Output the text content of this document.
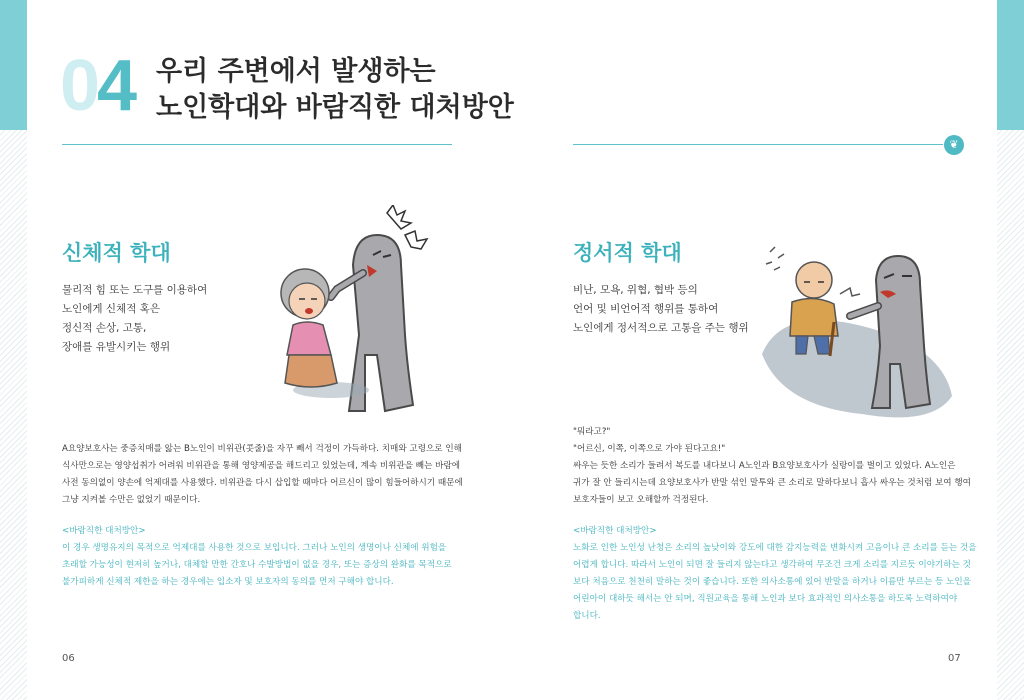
04 우리 주변에서 발생하는
노인학대와 바람직한 대처방안
❦
신체적 학대
물리적 힘 또는 도구를 이용하여
노인에게 신체적 혹은
정신적 손상, 고통,
장애를 유발시키는 행위
A요양보호사는 중증치매를 앓는 B노인이 비위관(콧줄)을 자꾸 빼서 걱정이 가득하다. 치매와 고령으로 인해
식사만으로는 영양섭취가 어려워 비위관을 통해 영양제공을 해드리고 있었는데, 계속 비위관을 빼는 바람에
사전 동의없이 양손에 억제대를 사용했다. 비위관을 다시 삽입할 때마다 어르신이 많이 힘들어하시기 때문에
그냥 지켜볼 수만은 없었기 때문이다.
<바람직한 대처방안>
이 경우 생명유지의 목적으로 억제대를 사용한 것으로 보입니다. 그러나 노인의 생명이나 신체에 위험을
초래할 가능성이 현저히 높거나, 대체할 만한 간호나 수발방법이 없을 경우, 또는 증상의 완화를 목적으로
불가피하게 신체적 제한을 하는 경우에는 입소자 및 보호자의 동의를 먼저 구해야 합니다.
06
정서적 학대
비난, 모욕, 위협, 협박 등의
언어 및 비언어적 행위를 통하여
노인에게 정서적으로 고통을 주는 행위
"뭐라고?"
"어르신, 이쪽, 이쪽으로 가야 된다고요!"
싸우는 듯한 소리가 들려서 복도를 내다보니 A노인과 B요양보호사가 실랑이를 벌이고 있었다. A노인은
귀가 잘 안 들리시는데 요양보호사가 반말 섞인 말투와 큰 소리로 말하다보니 흡사 싸우는 것처럼 보여 행여
보호자들이 보고 오해할까 걱정된다.
<바람직한 대처방안>
노화로 인한 노인성 난청은 소리의 높낮이와 강도에 대한 감지능력을 변화시켜 고음이나 큰 소리를 듣는 것을
어렵게 합니다. 따라서 노인이 되면 잘 들리지 않는다고 생각하여 무조건 크게 소리를 지르듯 이야기하는 것
보다 처음으로 천천히 말하는 것이 좋습니다. 또한 의사소통에 있어 반말을 하거나 이름만 부르는 등 노인을
어린아이 대하듯 해서는 안 되며, 직원교육을 통해 노인과 보다 효과적인 의사소통을 하도록 노력하여야
합니다.
07
